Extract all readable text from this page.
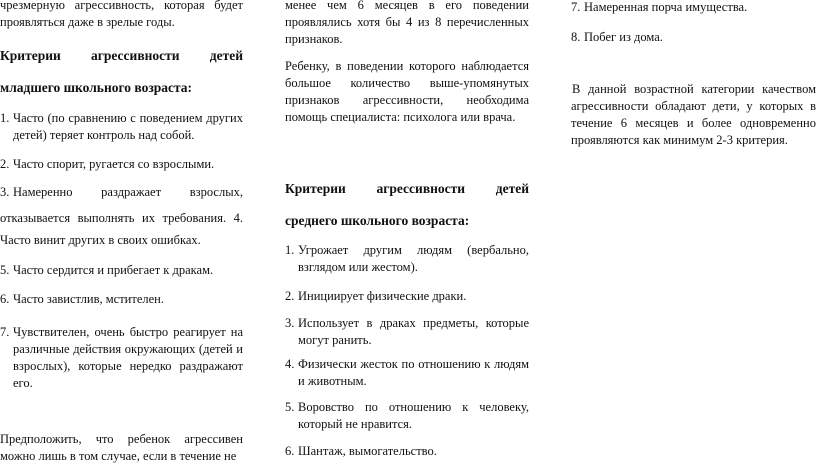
чрезмерную агрессивность, которая будет проявляться даже в зрелые годы.

Критерии агрессивности детей

младшего школьного возраста:

1. Часто (по сравнению с поведением других детей) теряет контроль над собой.
2. Часто спорит, ругается со взрослыми.
3. Намеренно раздражает взрослых,

отказывается выполнять их требования. 4.

Часто винит других в своих ошибках.

5. Часто сердится и прибегает к дракам.
6. Часто завистлив, мстителен.
7. Чувствителен, очень быстро реагирует на различные действия окружающих (детей и взрослых), которые нередко раздражают его.

Предположить, что ребенок агрессивен можно лишь в том случае, если в течение не

менее чем 6 месяцев в его поведении проявлялись хотя бы 4 из 8 перечисленных признаков.

Ребенку, в поведении которого наблюдается большое количество выше-упомянутых признаков агрессивности, необходима помощь специалиста: психолога или врача.

Критерии агрессивности детей

среднего школьного возраста:

1. Угрожает другим людям (вербально, взглядом или жестом).
2. Инициирует физические драки.
3. Использует в драках предметы, которые могут ранить.
4. Физически жесток по отношению к людям и животным.
5. Воровство по отношению к человеку, который не нравится.
6. Шантаж, вымогательство.
7. Намеренная порча имущества.
8. Побег из дома.

В данной возрастной категории качеством агрессивности обладают дети, у которых в течение 6 месяцев и более одновременно проявляются как минимум 2-3 критерия.
